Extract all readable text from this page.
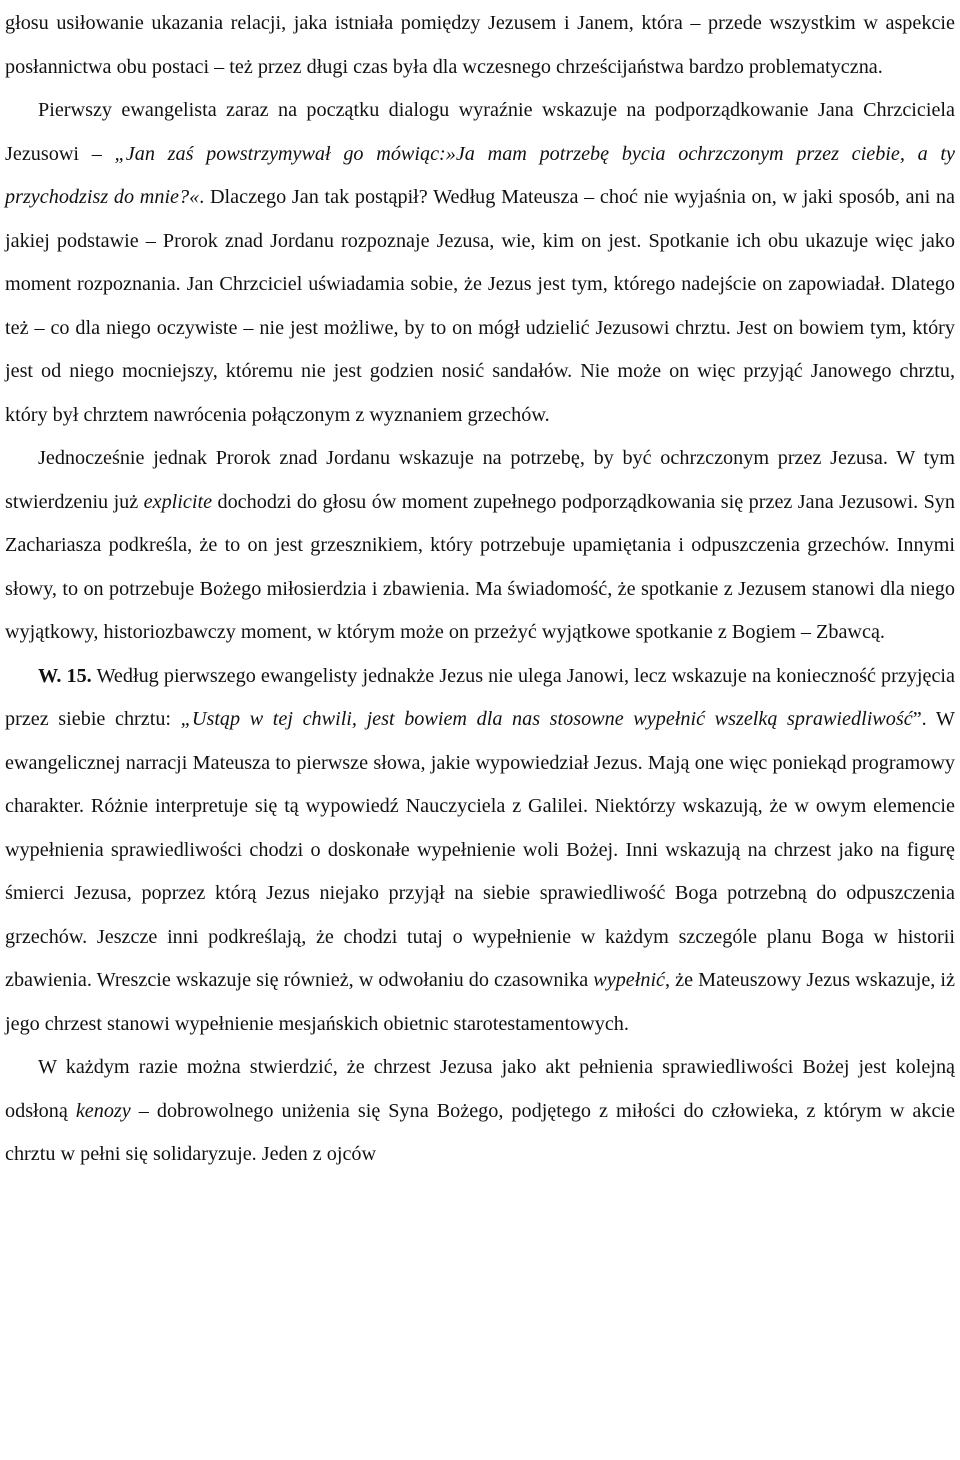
głosu usiłowanie ukazania relacji, jaka istniała pomiędzy Jezusem i Janem, która – przede wszystkim w aspekcie posłannictwa obu postaci – też przez długi czas była dla wczesnego chrześcijaństwa bardzo problematyczna.

Pierwszy ewangelista zaraz na początku dialogu wyraźnie wskazuje na podporządkowanie Jana Chrzciciela Jezusowi – „Jan zaś powstrzymywał go mówiąc:»Ja mam potrzebę bycia ochrzczonym przez ciebie, a ty przychodzisz do mnie?«. Dlaczego Jan tak postąpił? Według Mateusza – choć nie wyjaśnia on, w jaki sposób, ani na jakiej podstawie – Prorok znad Jordanu rozpoznaje Jezusa, wie, kim on jest. Spotkanie ich obu ukazuje więc jako moment rozpoznania. Jan Chrzciciel uświadamia sobie, że Jezus jest tym, którego nadejście on zapowiadał. Dlatego też – co dla niego oczywiste – nie jest możliwe, by to on mógł udzielić Jezusowi chrztu. Jest on bowiem tym, który jest od niego mocniejszy, któremu nie jest godzien nosić sandałów. Nie może on więc przyjąć Janowego chrztu, który był chrztem nawrócenia połączonym z wyznaniem grzechów.

Jednocześnie jednak Prorok znad Jordanu wskazuje na potrzebę, by być ochrzczonym przez Jezusa. W tym stwierdzeniu już explicite dochodzi do głosu ów moment zupełnego podporządkowania się przez Jana Jezusowi. Syn Zachariasza podkreśla, że to on jest grzesznikiem, który potrzebuje upamiętania i odpuszczenia grzechów. Innymi słowy, to on potrzebuje Bożego miłosierdzia i zbawienia. Ma świadomość, że spotkanie z Jezusem stanowi dla niego wyjątkowy, historiozbawczy moment, w którym może on przeżyć wyjątkowe spotkanie z Bogiem – Zbawcą.

W. 15. Według pierwszego ewangelisty jednakże Jezus nie ulega Janowi, lecz wskazuje na konieczność przyjęcia przez siebie chrztu: „Ustąp w tej chwili, jest bowiem dla nas stosowne wypełnić wszelką sprawiedliwość”. W ewangelicznej narracji Mateusza to pierwsze słowa, jakie wypowiedział Jezus. Mają one więc poniekąd programowy charakter. Różnie interpretuje się tą wypowiedź Nauczyciela z Galilei. Niektórzy wskazują, że w owym elemencie wypełnienia sprawiedliwości chodzi o doskonałe wypełnienie woli Bożej. Inni wskazują na chrzest jako na figurę śmierci Jezusa, poprzez którą Jezus niejako przyjął na siebie sprawiedliwość Boga potrzebną do odpuszczenia grzechów. Jeszcze inni podkreślają, że chodzi tutaj o wypełnienie w każdym szczególe planu Boga w historii zbawienia. Wreszcie wskazuje się również, w odwołaniu do czasownika wypełnić, że Mateuszowy Jezus wskazuje, iż jego chrzest stanowi wypełnienie mesjańskich obietnic starotestamentowych.

W każdym razie można stwierdzić, że chrzest Jezusa jako akt pełnienia sprawiedliwości Bożej jest kolejną odsłoną kenozy – dobrowolnego uniżenia się Syna Bożego, podjętego z miłości do człowieka, z którym w akcie chrztu w pełni się solidaryzuje. Jeden z ojców
